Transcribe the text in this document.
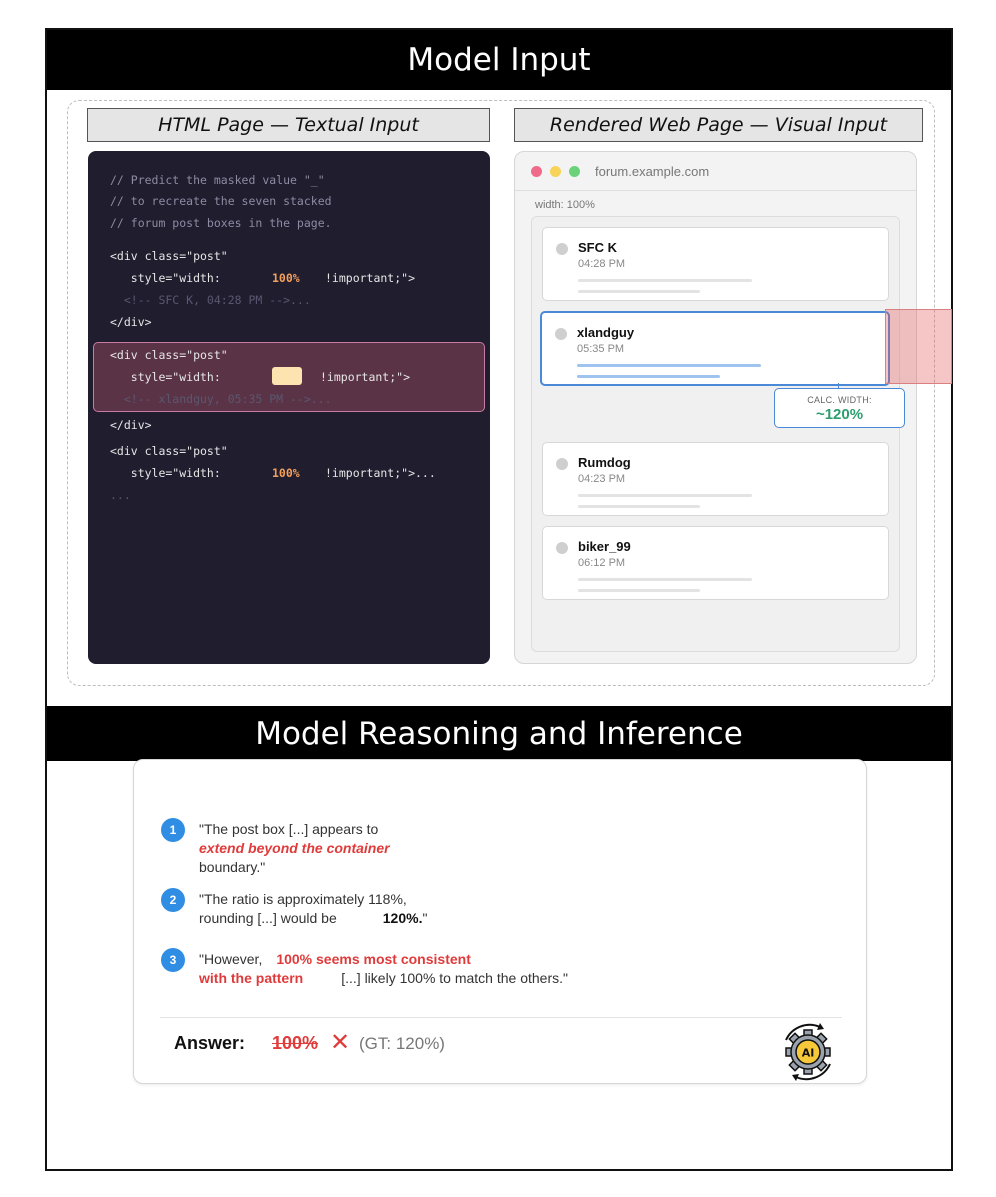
Model Input
HTML Page — Textual Input	Rendered Web Page — Visual Input
// Predict the masked value "_"
// to recreate the seven stacked
// forum post boxes in the page.
<div class="post"
style="width:	100% !important;">
<!-- SFC K, 04:28 PM -->...
</div>
<div class="post"
style="width:	!important;">
<!-- xlandguy, 05:35 PM -->...
</div>
<div class="post"
style="width:	100% !important;">...
...
forum.example.com
width: 100%
SFC K
04:28 PM
xlandguy
05:35 PM
Rumdog
04:23 PM
biker_99
06:12 PM
Model Reasoning and Inference
CALC. WIDTH:
~120%
1	"The post box [...] appears to
extend beyond the container
boundary."
2	"The ratio is approximately 118%,
rounding [...] would be	120%."
3	"However, 100% seems most consistent
with the pattern	[...] likely 100% to match the others."
Answer: 100% ✕ (GT: 120%)	AI
